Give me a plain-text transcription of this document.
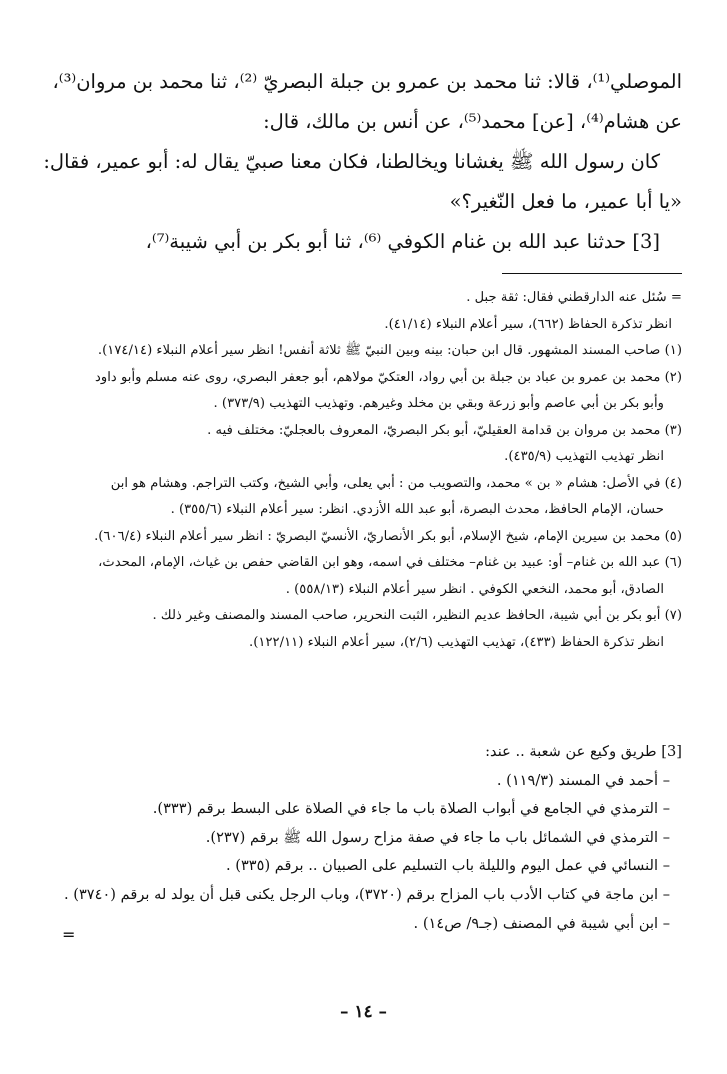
الموصلي⁽¹⁾، قالا: ثنا محمد بن عمرو بن جبلة البصريّ ⁽²⁾، ثنا محمد بن مروان⁽³⁾،
عن هشام⁽⁴⁾، [عن] محمد⁽⁵⁾، عن أنس بن مالك، قال:
كان رسول الله ﷺ يغشانا ويخالطنا، فكان معنا صبيّ يقال له: أبو عمير، فقال:
«يا أبا عمير، ما فعل النّغير؟»
[3] حدثنا عبد الله بن غنام الكوفي ⁽⁶⁾، ثنا أبو بكر بن أبي شيبة⁽⁷⁾،
= سُئل عنه الدارقطني فقال: ثقة جبل .
انظر تذكرة الحفاظ (٦٦٢)، سير أعلام النبلاء (٤١/١٤).
(١) صاحب المسند المشهور. قال ابن حبان: بينه وبين النبيّ ﷺ ثلاثة أنفس! انظر سير أعلام النبلاء (١٧٤/١٤).
(٢) محمد بن عمرو بن عباد بن جبلة بن أبي رواد، العتكيّ مولاهم، أبو جعفر البصري، روى عنه مسلم وأبو داود
وأبو بكر بن أبي عاصم وأبو زرعة وبقي بن مخلد وغيرهم. وتهذيب التهذيب (٣٧٣/٩) .
(٣) محمد بن مروان بن قدامة العقيليّ، أبو بكر البصريّ، المعروف بالعجليّ: مختلف فيه .
انظر تهذيب التهذيب (٤٣٥/٩).
(٤) في الأصل: هشام « بن » محمد، والتصويب من : أبي يعلى، وأبي الشيخ، وكتب التراجم. وهشام هو ابن
حسان، الإمام الحافظ، محدث البصرة، أبو عبد الله الأزدي. انظر: سير أعلام النبلاء (٣٥٥/٦) .
(٥) محمد بن سيرين الإمام، شيخ الإسلام، أبو بكر الأنصاريّ، الأنسيّ البصريّ : انظر سير أعلام النبلاء (٦٠٦/٤).
(٦) عبد الله بن غنام– أو: عبيد بن غنام– مختلف في اسمه، وهو ابن القاضي حفص بن غياث، الإمام، المحدث،
الصادق، أبو محمد، النخعي الكوفي . انظر سير أعلام النبلاء (٥٥٨/١٣) .
(٧) أبو بكر بن أبي شيبة، الحافظ عديم النظير، الثبت النحرير، صاحب المسند والمصنف وغير ذلك .
انظر تذكرة الحفاظ (٤٣٣)، تهذيب التهذيب (٢/٦)، سير أعلام النبلاء (١٢٢/١١).
[3] طريق وكيع عن شعبة .. عند:
– أحمد في المسند (١١٩/٣) .
– الترمذي في الجامع في أبواب الصلاة باب ما جاء في الصلاة على البسط برقم (٣٣٣).
– الترمذي في الشمائل باب ما جاء في صفة مزاح رسول الله ﷺ برقم (٢٣٧).
– النسائي في عمل اليوم والليلة باب التسليم على الصبيان .. برقم (٣٣٥) .
– ابن ماجة في كتاب الأدب باب المزاح برقم (٣٧٢٠)، وباب الرجل يكنى قبل أن يولد له برقم (٣٧٤٠) .
– ابن أبي شيبة في المصنف (جـ٩/ ص١٤) .
=
– ١٤ –
